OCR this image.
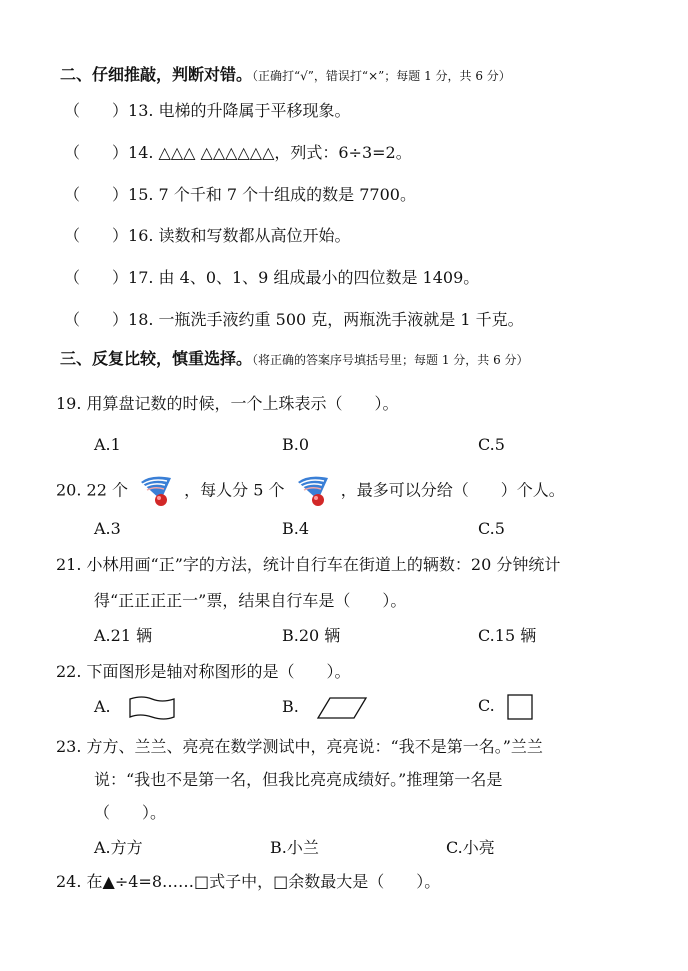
二、仔细推敲，判断对错。（正确打“√”，错误打“×”；每题 1 分，共 6 分）
（　　）13. 电梯的升降属于平移现象。
（　　）14. △△△ △△△△△△，列式：6÷3=2。
（　　）15. 7 个千和 7 个十组成的数是 7700。
（　　）16. 读数和写数都从高位开始。
（　　）17. 由 4、0、1、9 组成最小的四位数是 1409。
（　　）18. 一瓶洗手液约重 500 克，两瓶洗手液就是 1 千克。
三、反复比较，慎重选择。（将正确的答案序号填括号里；每题 1 分，共 6 分）
19. 用算盘记数的时候，一个上珠表示（　　）。
A.1	B.0	C.5
20. 22 个	，每人分 5 个	，最多可以分给（　　）个人。
A.3	B.4	C.5
21. 小林用画“正”字的方法，统计自行车在街道上的辆数：20 分钟统计
得“正正正正一”票，结果自行车是（　　）。
A.21 辆	B.20 辆	C.15 辆
22. 下面图形是轴对称图形的是（　　）。
A.	B.	C.
23. 方方、兰兰、亮亮在数学测试中，亮亮说：“我不是第一名。”兰兰
说：“我也不是第一名，但我比亮亮成绩好。”推理第一名是
（　　）。
A.方方	B.小兰	C.小亮
24. 在▲÷4=8……□式子中，□余数最大是（　　）。
